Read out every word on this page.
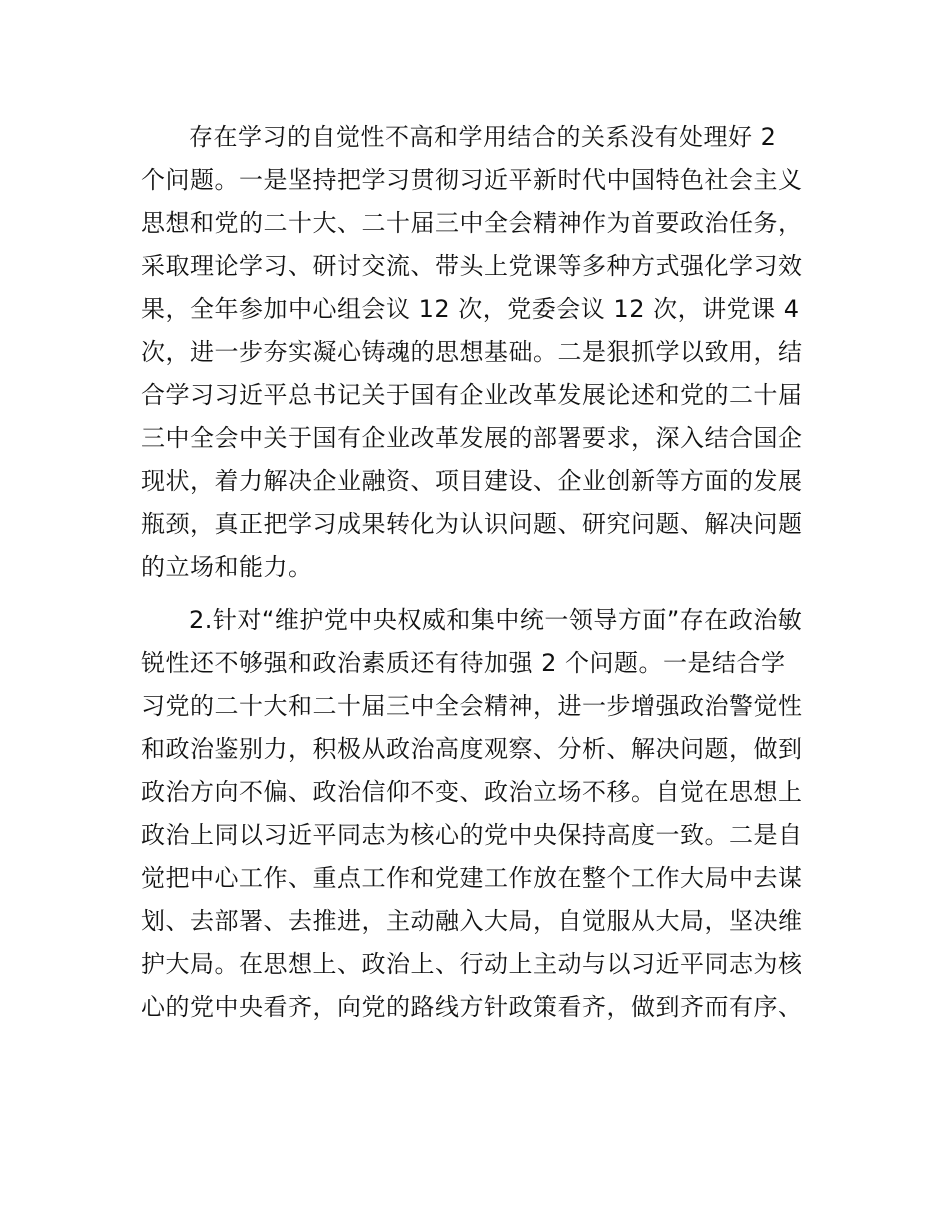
存在学习的自觉性不高和学用结合的关系没有处理好 2
个问题。一是坚持把学习贯彻习近平新时代中国特色社会主义
思想和党的二十大、二十届三中全会精神作为首要政治任务，
采取理论学习、研讨交流、带头上党课等多种方式强化学习效
果，全年参加中心组会议 12 次，党委会议 12 次，讲党课 4
次，进一步夯实凝心铸魂的思想基础。二是狠抓学以致用，结
合学习习近平总书记关于国有企业改革发展论述和党的二十届
三中全会中关于国有企业改革发展的部署要求，深入结合国企
现状，着力解决企业融资、项目建设、企业创新等方面的发展
瓶颈，真正把学习成果转化为认识问题、研究问题、解决问题
的立场和能力。
2.针对“维护党中央权威和集中统一领导方面”存在政治敏
锐性还不够强和政治素质还有待加强 2 个问题。一是结合学
习党的二十大和二十届三中全会精神，进一步增强政治警觉性
和政治鉴别力，积极从政治高度观察、分析、解决问题，做到
政治方向不偏、政治信仰不变、政治立场不移。自觉在思想上
政治上同以习近平同志为核心的党中央保持高度一致。二是自
觉把中心工作、重点工作和党建工作放在整个工作大局中去谋
划、去部署、去推进，主动融入大局，自觉服从大局，坚决维
护大局。在思想上、政治上、行动上主动与以习近平同志为核
心的党中央看齐，向党的路线方针政策看齐，做到齐而有序、
